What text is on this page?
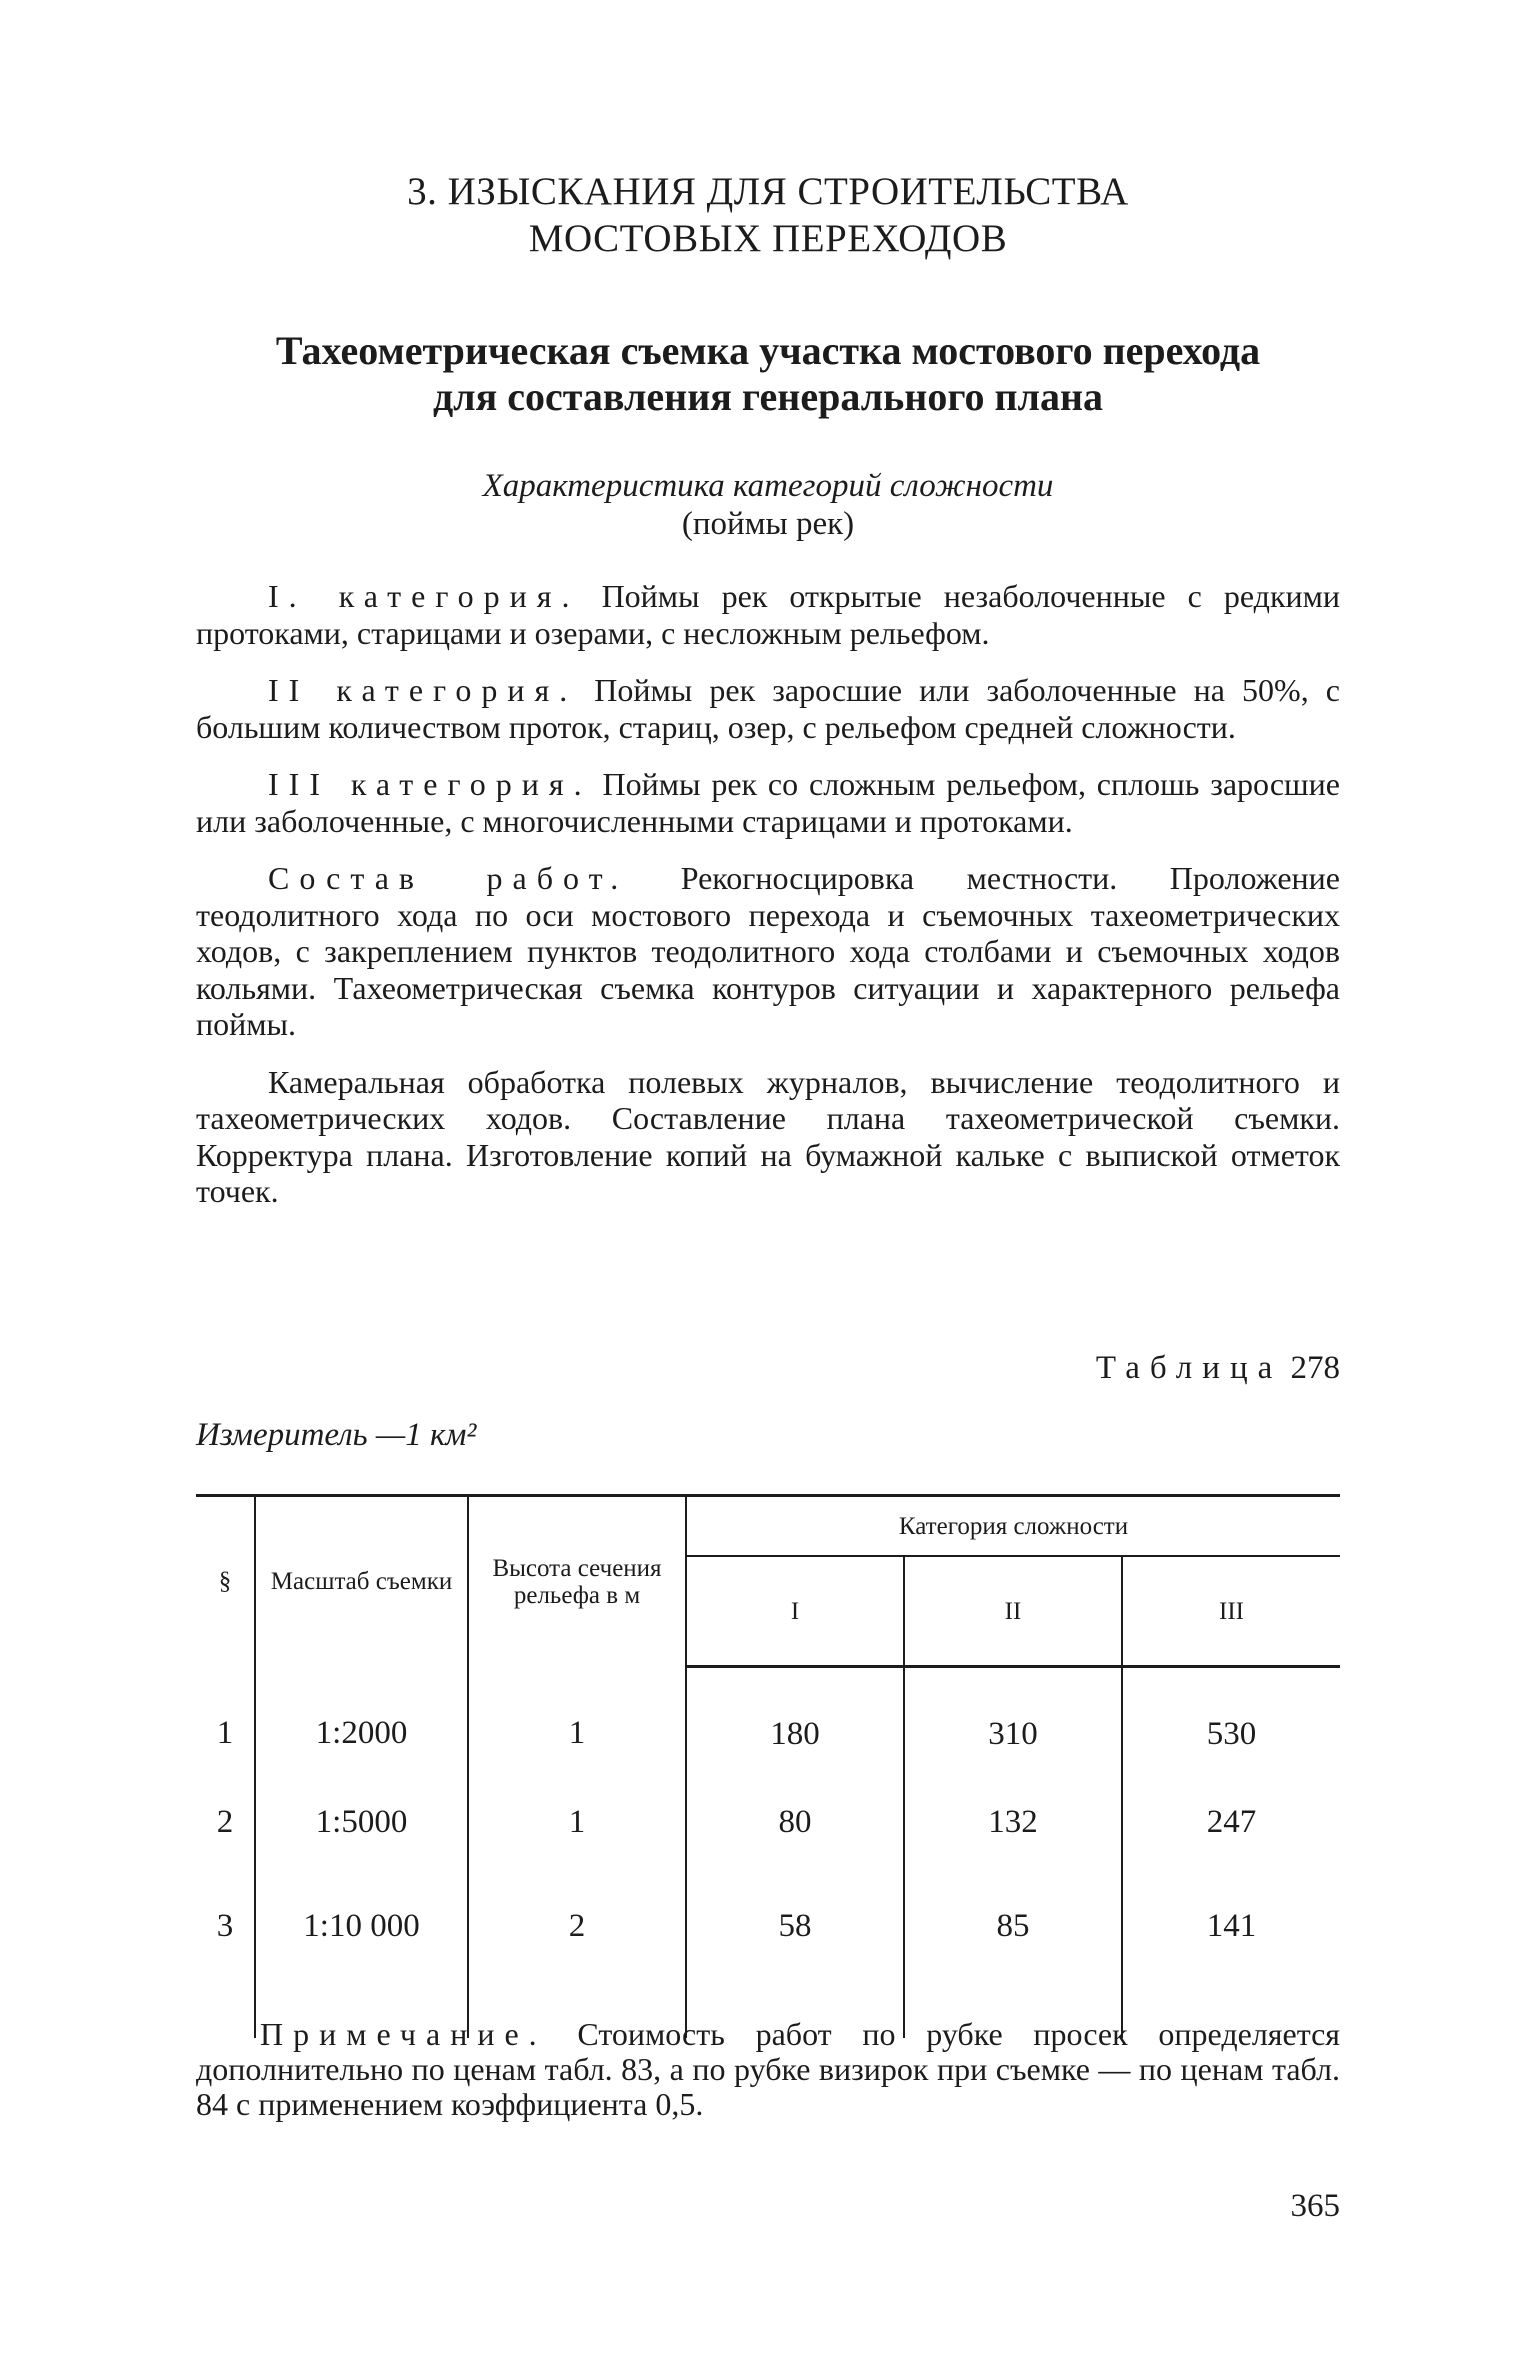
3. ИЗЫСКАНИЯ ДЛЯ СТРОИТЕЛЬСТВА
МОСТОВЫХ ПЕРЕХОДОВ
Тахеометрическая съемка участка мостового перехода
для составления генерального плана
Характеристика категорий сложности
(поймы рек)

I. категория. Поймы рек открытые незаболоченные с редкими протоками, старицами и озерами, с несложным рельефом.

II категория. Поймы рек заросшие или заболоченные на 50%, с большим количеством проток, стариц, озер, с рельефом средней сложности.

III категория. Поймы рек со сложным рельефом, сплошь заросшие или заболоченные, с многочисленными старицами и протоками.

Состав работ. Рекогносцировка местности. Проложение теодолитного хода по оси мостового перехода и съемочных тахеометрических ходов, с закреплением пунктов теодолитного хода столбами и съемочных ходов кольями. Тахеометрическая съемка контуров ситуации и характерного рельефа поймы.

Камеральная обработка полевых журналов, вычисление теодолитного и тахеометрических ходов. Составление плана тахеометрической съемки. Корректура плана. Изготовление копий на бумажной кальке с выпиской отметок точек.

Таблица 278
Измеритель —1 км²
§	Масштаб съемки	Высота сечения рельефа в м	Категория сложности		
			I	II	III
1	1:2000	1	180	310	530
2	1:5000	1	80	132	247
3	1:10 000	2	58	85	141
Примечание. Стоимость работ по рубке просек определяется дополнительно по ценам табл. 83, а по рубке визирок при съемке — по ценам табл. 84 с применением коэффициента 0,5.
365
